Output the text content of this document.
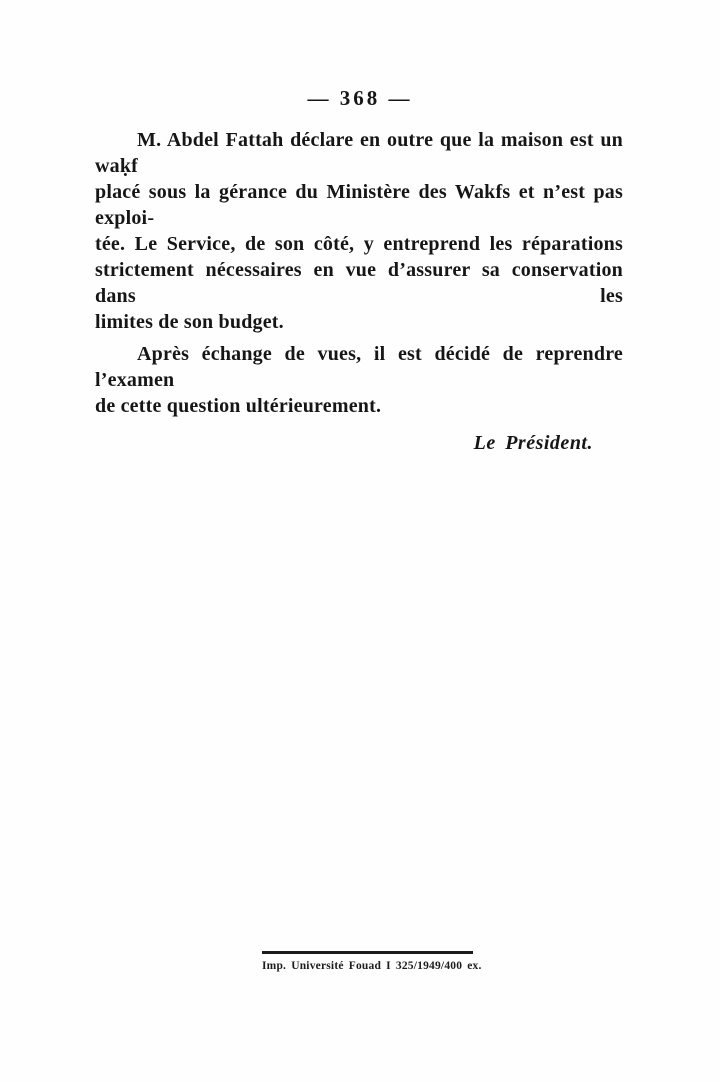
— 368 —
M. Abdel Fattah déclare en outre que la maison est un waḳf
placé sous la gérance du Ministère des Wakfs et n’est pas exploi-
tée. Le Service, de son côté, y entreprend les réparations
strictement nécessaires en vue d’assurer sa conservation dans les
limites de son budget.
Après échange de vues, il est décidé de reprendre l’examen
de cette question ultérieurement.
Le Président.
Imp. Université Fouad I 325/1949/400 ex.
